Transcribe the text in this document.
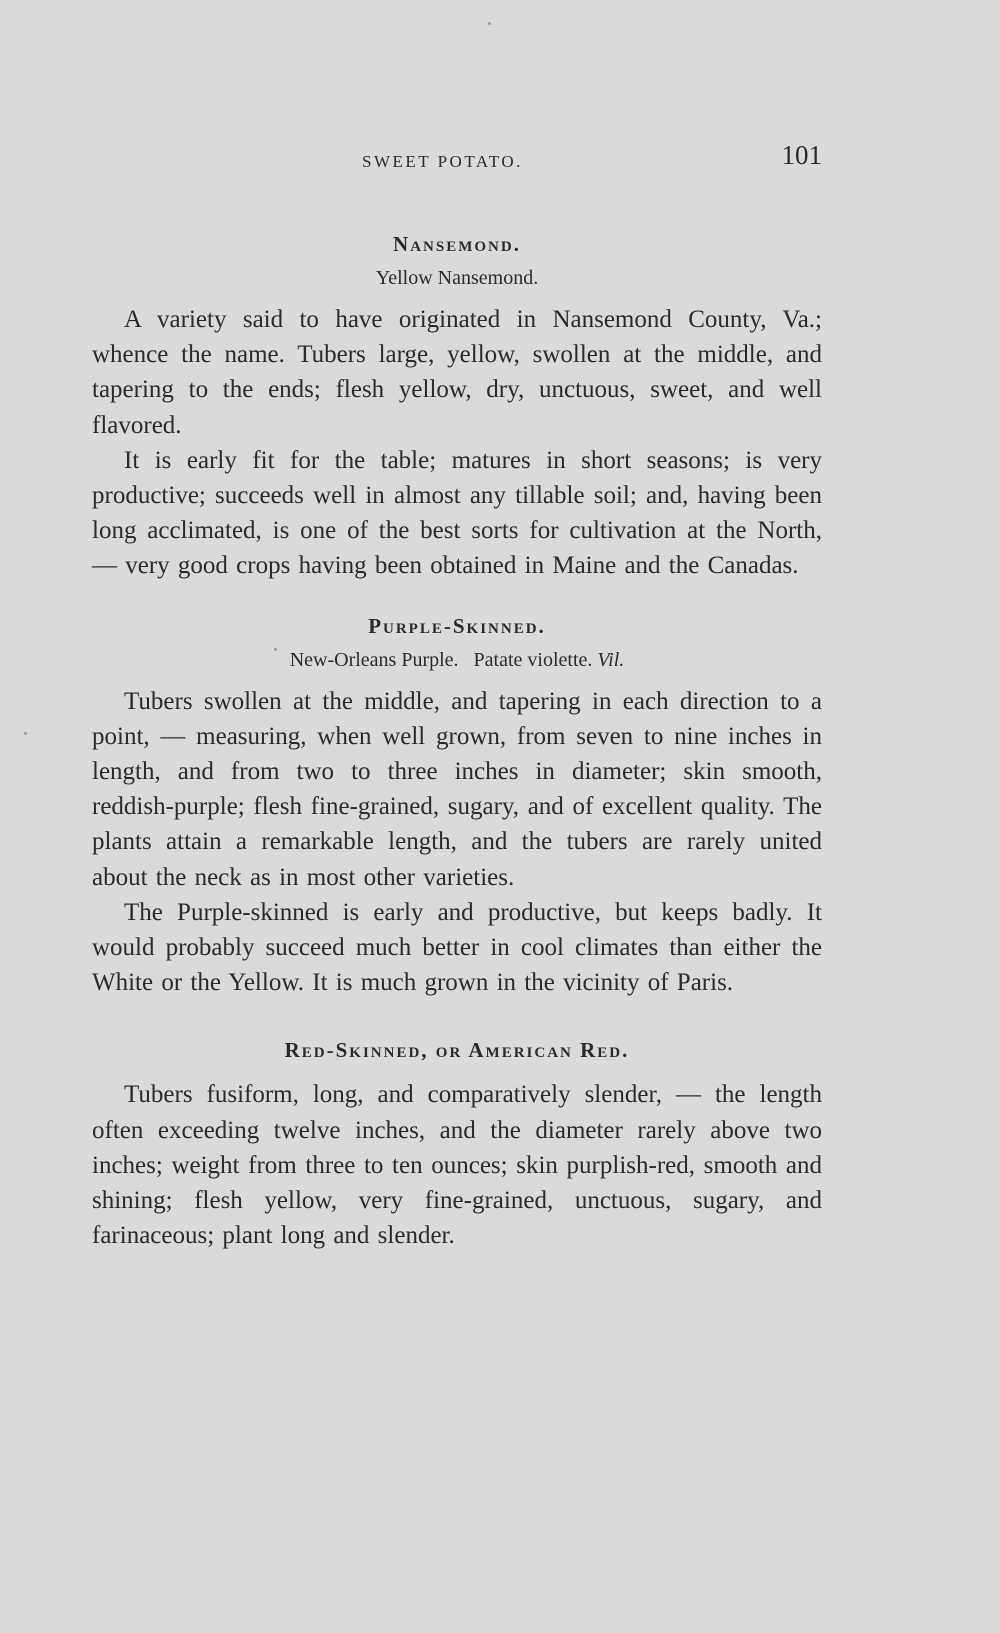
SWEET POTATO.	101
Nansemond.
Yellow Nansemond.

A variety said to have originated in Nansemond County, Va.; whence the name. Tubers large, yellow, swollen at the middle, and tapering to the ends; flesh yellow, dry, unctuous, sweet, and well flavored.

It is early fit for the table; matures in short seasons; is very productive; succeeds well in almost any tillable soil; and, having been long acclimated, is one of the best sorts for cultivation at the North, — very good crops having been obtained in Maine and the Canadas.

Purple-Skinned.
New-Orleans Purple.   Patate violette. Vil.

Tubers swollen at the middle, and tapering in each direction to a point, — measuring, when well grown, from seven to nine inches in length, and from two to three inches in diameter; skin smooth, reddish-purple; flesh fine-grained, sugary, and of excellent quality. The plants attain a remarkable length, and the tubers are rarely united about the neck as in most other varieties.

The Purple-skinned is early and productive, but keeps badly. It would probably succeed much better in cool climates than either the White or the Yellow. It is much grown in the vicinity of Paris.

Red-Skinned, or American Red.

Tubers fusiform, long, and comparatively slender, — the length often exceeding twelve inches, and the diameter rarely above two inches; weight from three to ten ounces; skin purplish-red, smooth and shining; flesh yellow, very fine-grained, unctuous, sugary, and farinaceous; plant long and slender.
